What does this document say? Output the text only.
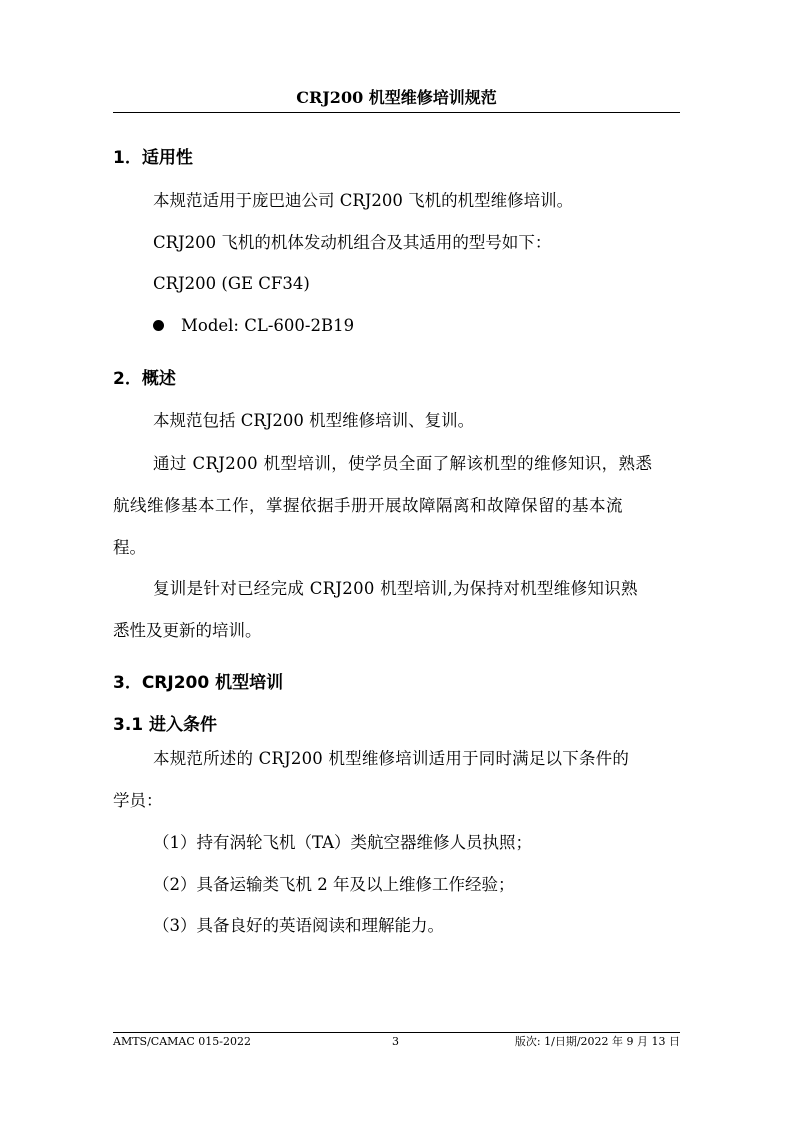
CRJ200 机型维修培训规范
1．适用性
本规范适用于庞巴迪公司 CRJ200 飞机的机型维修培训。
CRJ200 飞机的机体发动机组合及其适用的型号如下：
CRJ200 (GE CF34)
Model: CL-600-2B19
2．概述
本规范包括 CRJ200 机型维修培训、复训。
通过 CRJ200 机型培训，使学员全面了解该机型的维修知识，熟悉
航线维修基本工作，掌握依据手册开展故障隔离和故障保留的基本流
程。
复训是针对已经完成 CRJ200 机型培训,为保持对机型维修知识熟
悉性及更新的培训。
3．CRJ200 机型培训
3.1 进入条件
本规范所述的 CRJ200 机型维修培训适用于同时满足以下条件的
学员：
（1）持有涡轮飞机（TA）类航空器维修人员执照；
（2）具备运输类飞机 2 年及以上维修工作经验；
（3）具备良好的英语阅读和理解能力。
AMTS/CAMAC 015-2022	3	版次: 1/日期/2022 年 9 月 13 日
